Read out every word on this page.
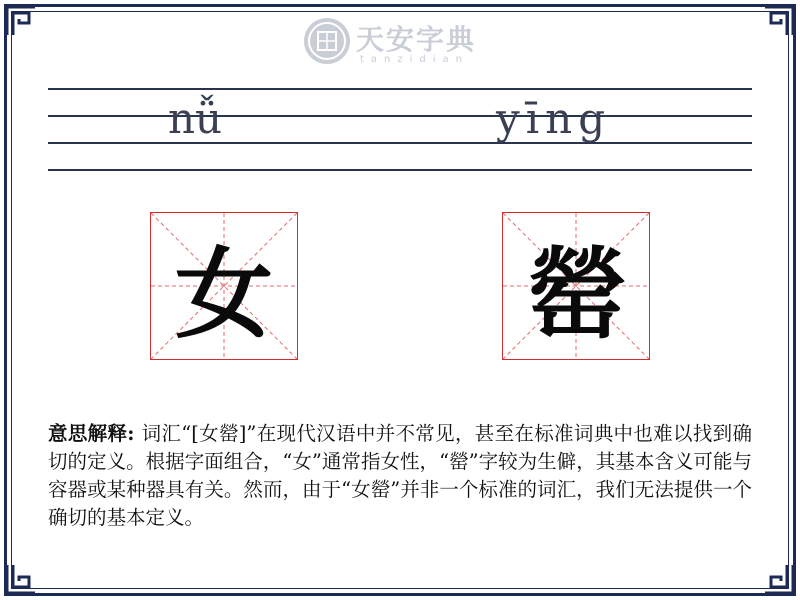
天安字典
tanzidian
nǚ	yīng
女	罃
意思解释: 词汇“[女罃]”在现代汉语中并不常见，甚至在标准词典中也难以找到确切的定义。根据字面组合，“女”通常指女性，“罃”字较为生僻，其基本含义可能与容器或某种器具有关。然而，由于“女罃”并非一个标准的词汇，我们无法提供一个确切的基本定义。
